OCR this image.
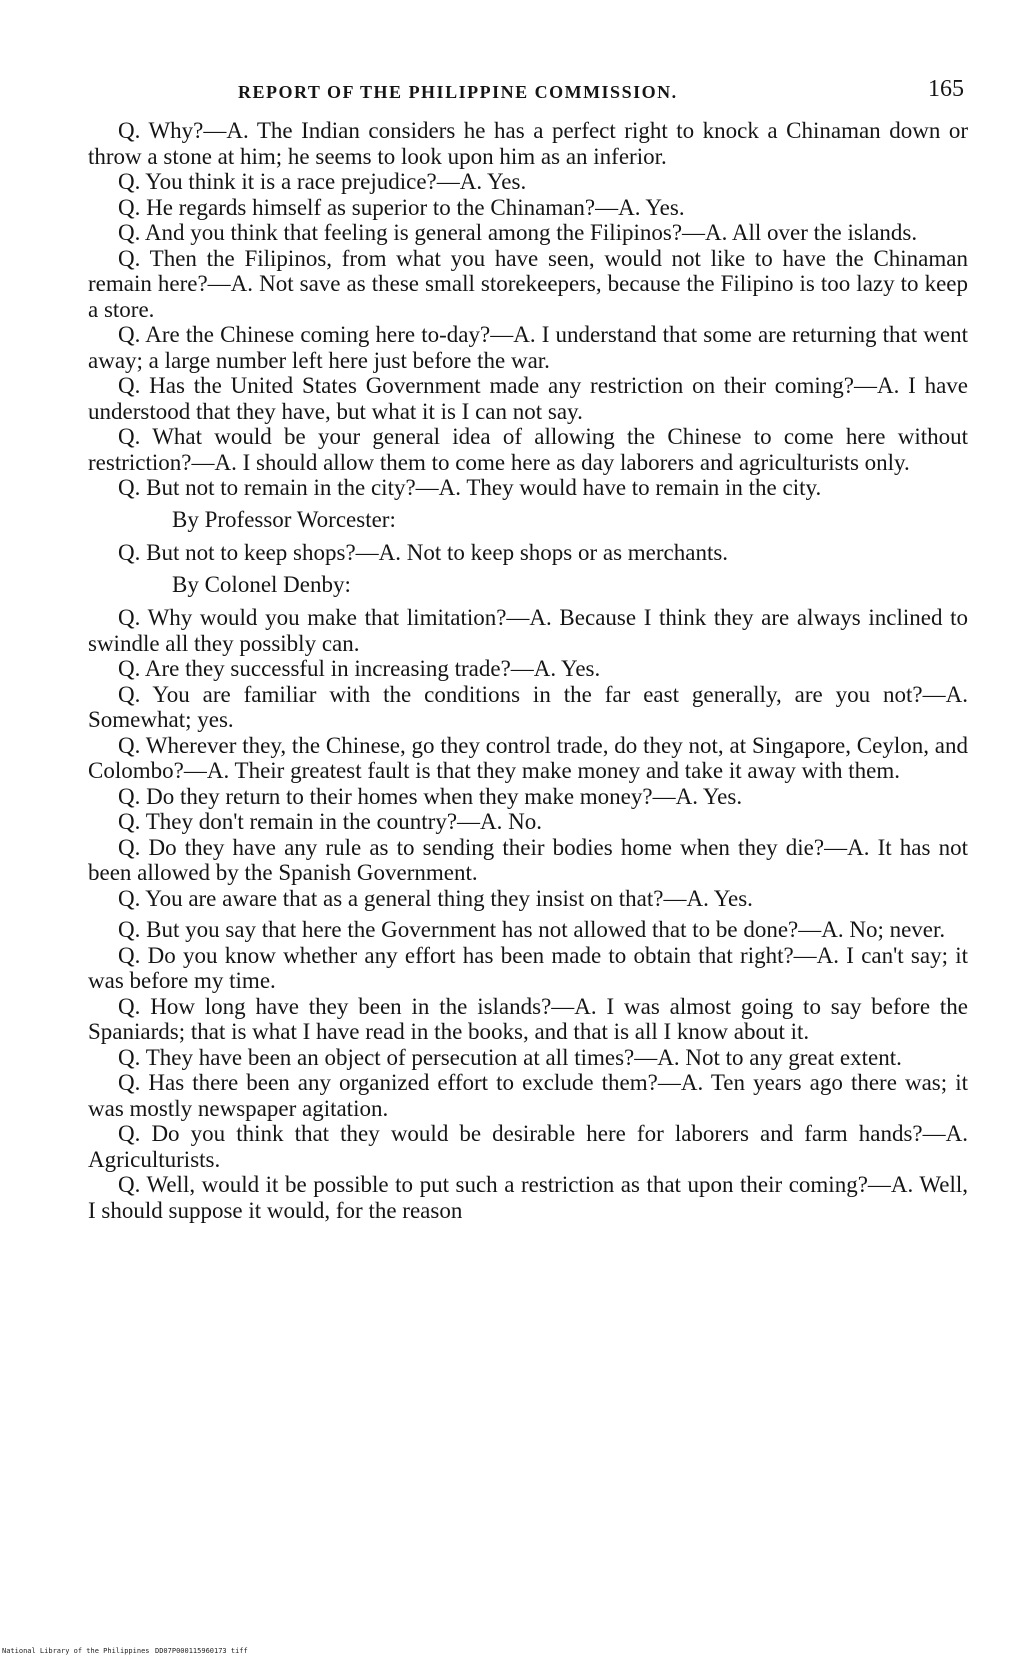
REPORT OF THE PHILIPPINE COMMISSION.	165

Q. Why?—A. The Indian considers he has a perfect right to knock a Chinaman down or throw a stone at him; he seems to look upon him as an inferior.

Q. You think it is a race prejudice?—A. Yes.

Q. He regards himself as superior to the Chinaman?—A. Yes.

Q. And you think that feeling is general among the Filipinos?—A. All over the islands.

Q. Then the Filipinos, from what you have seen, would not like to have the Chinaman remain here?—A. Not save as these small storekeepers, because the Filipino is too lazy to keep a store.

Q. Are the Chinese coming here to-day?—A. I understand that some are returning that went away; a large number left here just before the war.

Q. Has the United States Government made any restriction on their coming?—A. I have understood that they have, but what it is I can not say.

Q. What would be your general idea of allowing the Chinese to come here without restriction?—A. I should allow them to come here as day laborers and agriculturists only.

Q. But not to remain in the city?—A. They would have to remain in the city.

By Professor Worcester:

Q. But not to keep shops?—A. Not to keep shops or as merchants.

By Colonel Denby:

Q. Why would you make that limitation?—A. Because I think they are always inclined to swindle all they possibly can.

Q. Are they successful in increasing trade?—A. Yes.

Q. You are familiar with the conditions in the far east generally, are you not?—A. Somewhat; yes.

Q. Wherever they, the Chinese, go they control trade, do they not, at Singapore, Ceylon, and Colombo?—A. Their greatest fault is that they make money and take it away with them.

Q. Do they return to their homes when they make money?—A. Yes.

Q. They don't remain in the country?—A. No.

Q. Do they have any rule as to sending their bodies home when they die?—A. It has not been allowed by the Spanish Government.

Q. You are aware that as a general thing they insist on that?—A. Yes.

Q. But you say that here the Government has not allowed that to be done?—A. No; never.

Q. Do you know whether any effort has been made to obtain that right?—A. I can't say; it was before my time.

Q. How long have they been in the islands?—A. I was almost going to say before the Spaniards; that is what I have read in the books, and that is all I know about it.

Q. They have been an object of persecution at all times?—A. Not to any great extent.

Q. Has there been any organized effort to exclude them?—A. Ten years ago there was; it was mostly newspaper agitation.

Q. Do you think that they would be desirable here for laborers and farm hands?—A. Agriculturists.

Q. Well, would it be possible to put such a restriction as that upon their coming?—A. Well, I should suppose it would, for the reason

National Library of the Philippines DD07P000115960173 tiff
